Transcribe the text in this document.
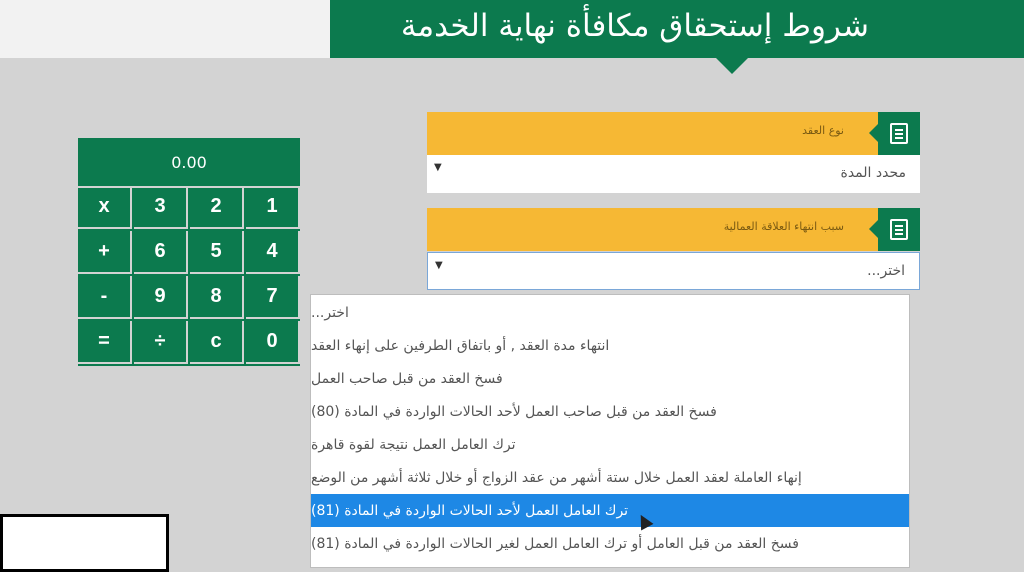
شروط إستحقاق مكافأة نهاية الخدمة
0.00
1
2
3
x
4
5
6
+
7
8
9
-
0
c
÷
=
نوع العقد
▼	محدد المدة
سبب انتهاء العلاقة العمالية
▼	اختر...
اختر...
انتهاء مدة العقد , أو باتفاق الطرفين على إنهاء العقد
فسخ العقد من قبل صاحب العمل
فسخ العقد من قبل صاحب العمل لأحد الحالات الواردة في المادة (80)
ترك العامل العمل نتيجة لقوة قاهرة
إنهاء العاملة لعقد العمل خلال ستة أشهر من عقد الزواج أو خلال ثلاثة أشهر من الوضع
ترك العامل العمل لأحد الحالات الواردة في المادة (81)
فسخ العقد من قبل العامل أو ترك العامل العمل لغير الحالات الواردة في المادة (81)
